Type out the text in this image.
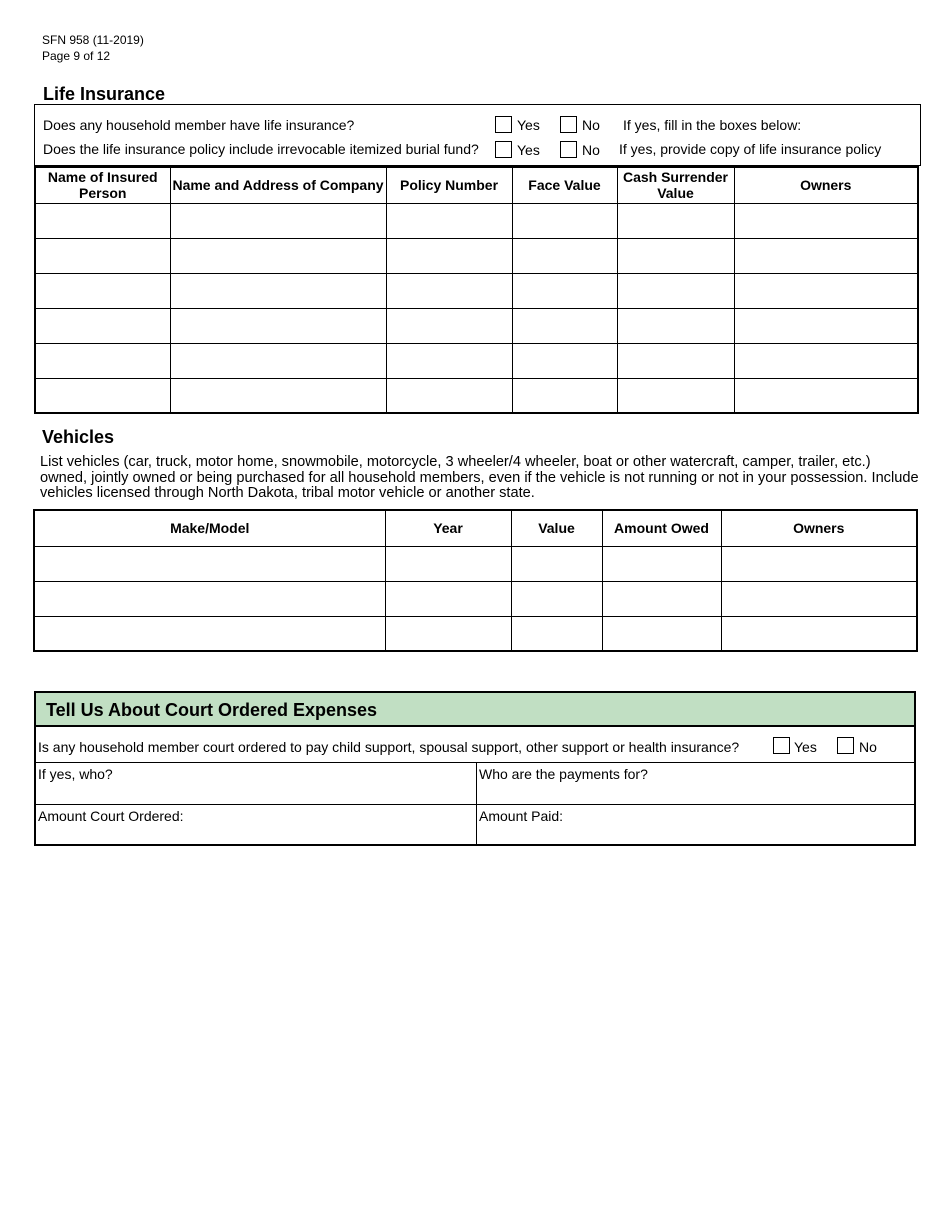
SFN 958 (11-2019)
Page 9 of 12
Life Insurance
Does any household member have life insurance?	Yes	No If yes, fill in the boxes below:
Does the life insurance policy include irrevocable itemized burial fund?	Yes	No If yes, provide copy of life insurance policy
Name of Insured Person	Name and Address of Company	Policy Number	Face Value	Cash Surrender Value	Owners

Vehicles
List vehicles (car, truck, motor home, snowmobile, motorcycle, 3 wheeler/4 wheeler, boat or other watercraft, camper, trailer, etc.) owned, jointly owned or being purchased for all household members, even if the vehicle is not running or not in your possession. Include vehicles licensed through North Dakota, tribal motor vehicle or another state.
Make/Model	Year	Value	Amount Owed	Owners

Tell Us About Court Ordered Expenses
Is any household member court ordered to pay child support, spousal support, other support or health insurance?	Yes	No
If yes, who?	Who are the payments for?
Amount Court Ordered:	Amount Paid:
